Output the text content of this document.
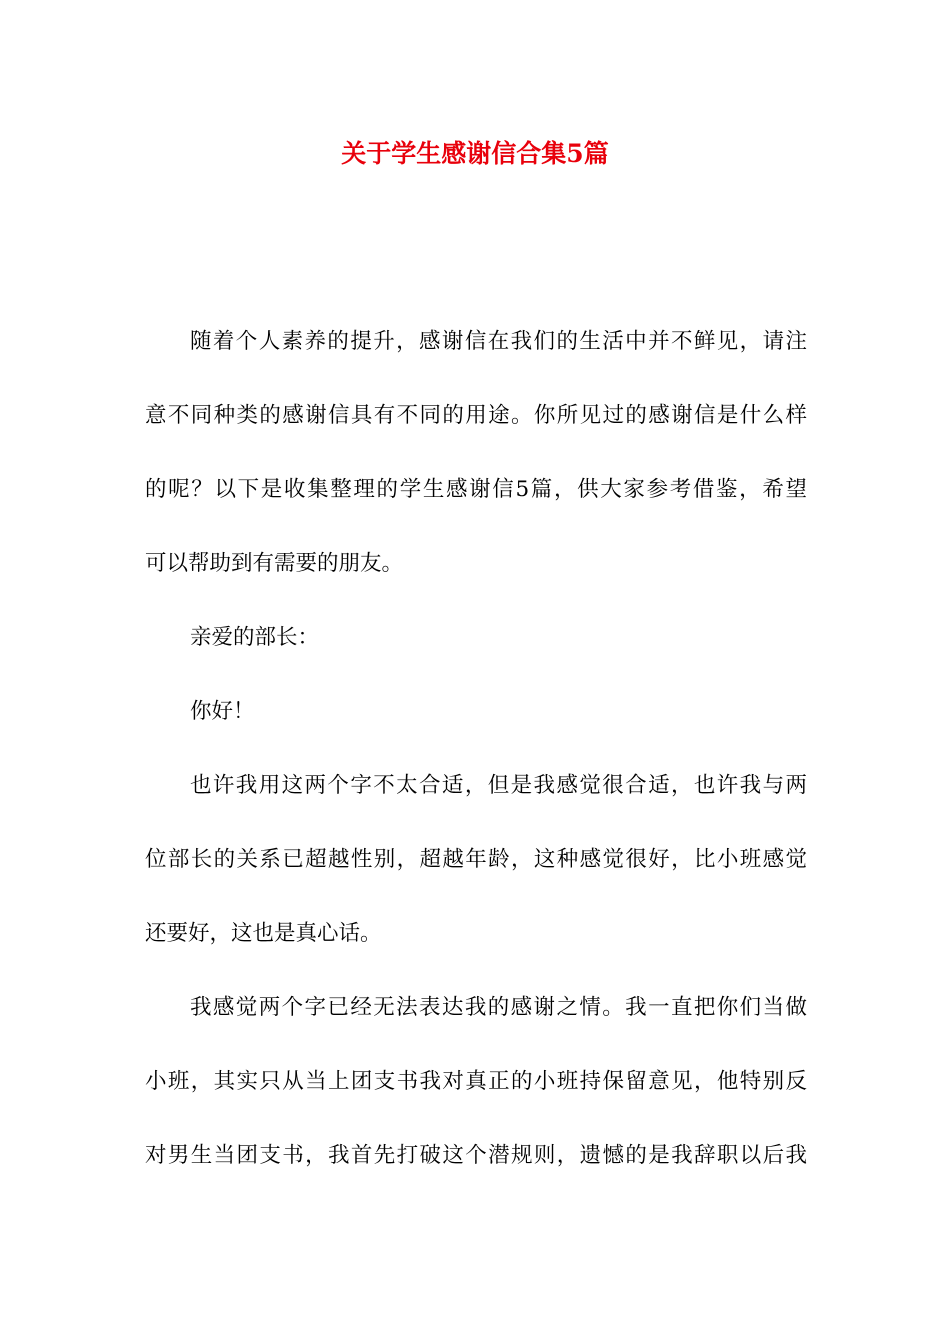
关于学生感谢信合集5篇
随着个人素养的提升，感谢信在我们的生活中并不鲜见，请注
意不同种类的感谢信具有不同的用途。你所见过的感谢信是什么样
的呢？以下是收集整理的学生感谢信5篇，供大家参考借鉴，希望
可以帮助到有需要的朋友。
亲爱的部长：
你好！
也许我用这两个字不太合适，但是我感觉很合适，也许我与两
位部长的关系已超越性别，超越年龄，这种感觉很好，比小班感觉
还要好，这也是真心话。
我感觉两个字已经无法表达我的感谢之情。我一直把你们当做
小班，其实只从当上团支书我对真正的小班持保留意见，他特别反
对男生当团支书，我首先打破这个潜规则，遗憾的是我辞职以后我
